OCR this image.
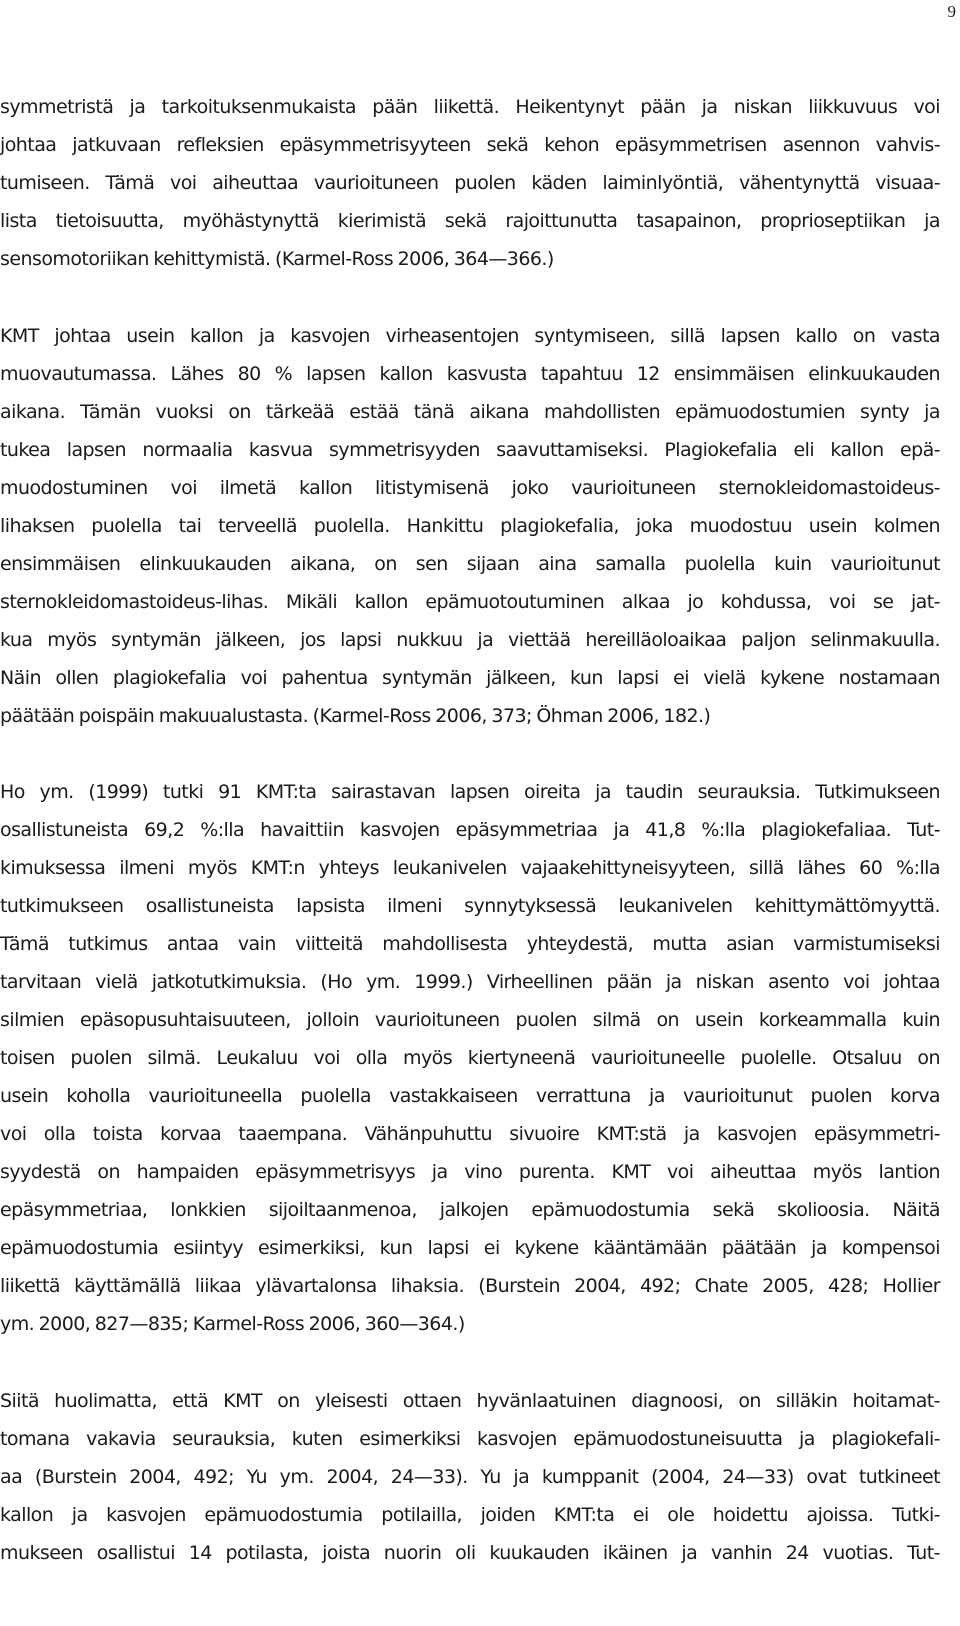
9
symmetristä ja tarkoituksenmukaista pään liikettä. Heikentynyt pään ja niskan liikkuvuus voi
johtaa jatkuvaan refleksien epäsymmetrisyyteen sekä kehon epäsymmetrisen asennon vahvis-
tumiseen. Tämä voi aiheuttaa vaurioituneen puolen käden laiminlyöntiä, vähentynyttä visuaa-
lista tietoisuutta, myöhästynyttä kierimistä sekä rajoittunutta tasapainon, proprioseptiikan ja
sensomotoriikan kehittymistä. (Karmel-Ross 2006, 364—366.)
KMT johtaa usein kallon ja kasvojen virheasentojen syntymiseen, sillä lapsen kallo on vasta
muovautumassa. Lähes 80 % lapsen kallon kasvusta tapahtuu 12 ensimmäisen elinkuukauden
aikana. Tämän vuoksi on tärkeää estää tänä aikana mahdollisten epämuodostumien synty ja
tukea lapsen normaalia kasvua symmetrisyyden saavuttamiseksi. Plagiokefalia eli kallon epä-
muodostuminen voi ilmetä kallon litistymisenä joko vaurioituneen sternokleidomastoideus-
lihaksen puolella tai terveellä puolella. Hankittu plagiokefalia, joka muodostuu usein kolmen
ensimmäisen elinkuukauden aikana, on sen sijaan aina samalla puolella kuin vaurioitunut
sternokleidomastoideus-lihas. Mikäli kallon epämuotoutuminen alkaa jo kohdussa, voi se jat-
kua myös syntymän jälkeen, jos lapsi nukkuu ja viettää hereilläoloaikaa paljon selinmakuulla.
Näin ollen plagiokefalia voi pahentua syntymän jälkeen, kun lapsi ei vielä kykene nostamaan
päätään poispäin makuualustasta. (Karmel-Ross 2006, 373; Öhman 2006, 182.)
Ho ym. (1999) tutki 91 KMT:ta sairastavan lapsen oireita ja taudin seurauksia. Tutkimukseen
osallistuneista 69,2 %:lla havaittiin kasvojen epäsymmetriaa ja 41,8 %:lla plagiokefaliaa. Tut-
kimuksessa ilmeni myös KMT:n yhteys leukanivelen vajaakehittyneisyyteen, sillä lähes 60 %:lla
tutkimukseen osallistuneista lapsista ilmeni synnytyksessä leukanivelen kehittymättömyyttä.
Tämä tutkimus antaa vain viitteitä mahdollisesta yhteydestä, mutta asian varmistumiseksi
tarvitaan vielä jatkotutkimuksia. (Ho ym. 1999.) Virheellinen pään ja niskan asento voi johtaa
silmien epäsopusuhtaisuuteen, jolloin vaurioituneen puolen silmä on usein korkeammalla kuin
toisen puolen silmä. Leukaluu voi olla myös kiertyneenä vaurioituneelle puolelle. Otsaluu on
usein koholla vaurioituneella puolella vastakkaiseen verrattuna ja vaurioitunut puolen korva
voi olla toista korvaa taaempana. Vähänpuhuttu sivuoire KMT:stä ja kasvojen epäsymmetri-
syydestä on hampaiden epäsymmetrisyys ja vino purenta. KMT voi aiheuttaa myös lantion
epäsymmetriaa, lonkkien sijoiltaanmenoa, jalkojen epämuodostumia sekä skolioosia. Näitä
epämuodostumia esiintyy esimerkiksi, kun lapsi ei kykene kääntämään päätään ja kompensoi
liikettä käyttämällä liikaa ylävartalonsa lihaksia. (Burstein 2004, 492; Chate 2005, 428; Hollier
ym. 2000, 827—835; Karmel-Ross 2006, 360—364.)
Siitä huolimatta, että KMT on yleisesti ottaen hyvänlaatuinen diagnoosi, on silläkin hoitamat-
tomana vakavia seurauksia, kuten esimerkiksi kasvojen epämuodostuneisuutta ja plagiokefali-
aa (Burstein 2004, 492; Yu ym. 2004, 24—33). Yu ja kumppanit (2004, 24—33) ovat tutkineet
kallon ja kasvojen epämuodostumia potilailla, joiden KMT:ta ei ole hoidettu ajoissa. Tutki-
mukseen osallistui 14 potilasta, joista nuorin oli kuukauden ikäinen ja vanhin 24 vuotias. Tut-
